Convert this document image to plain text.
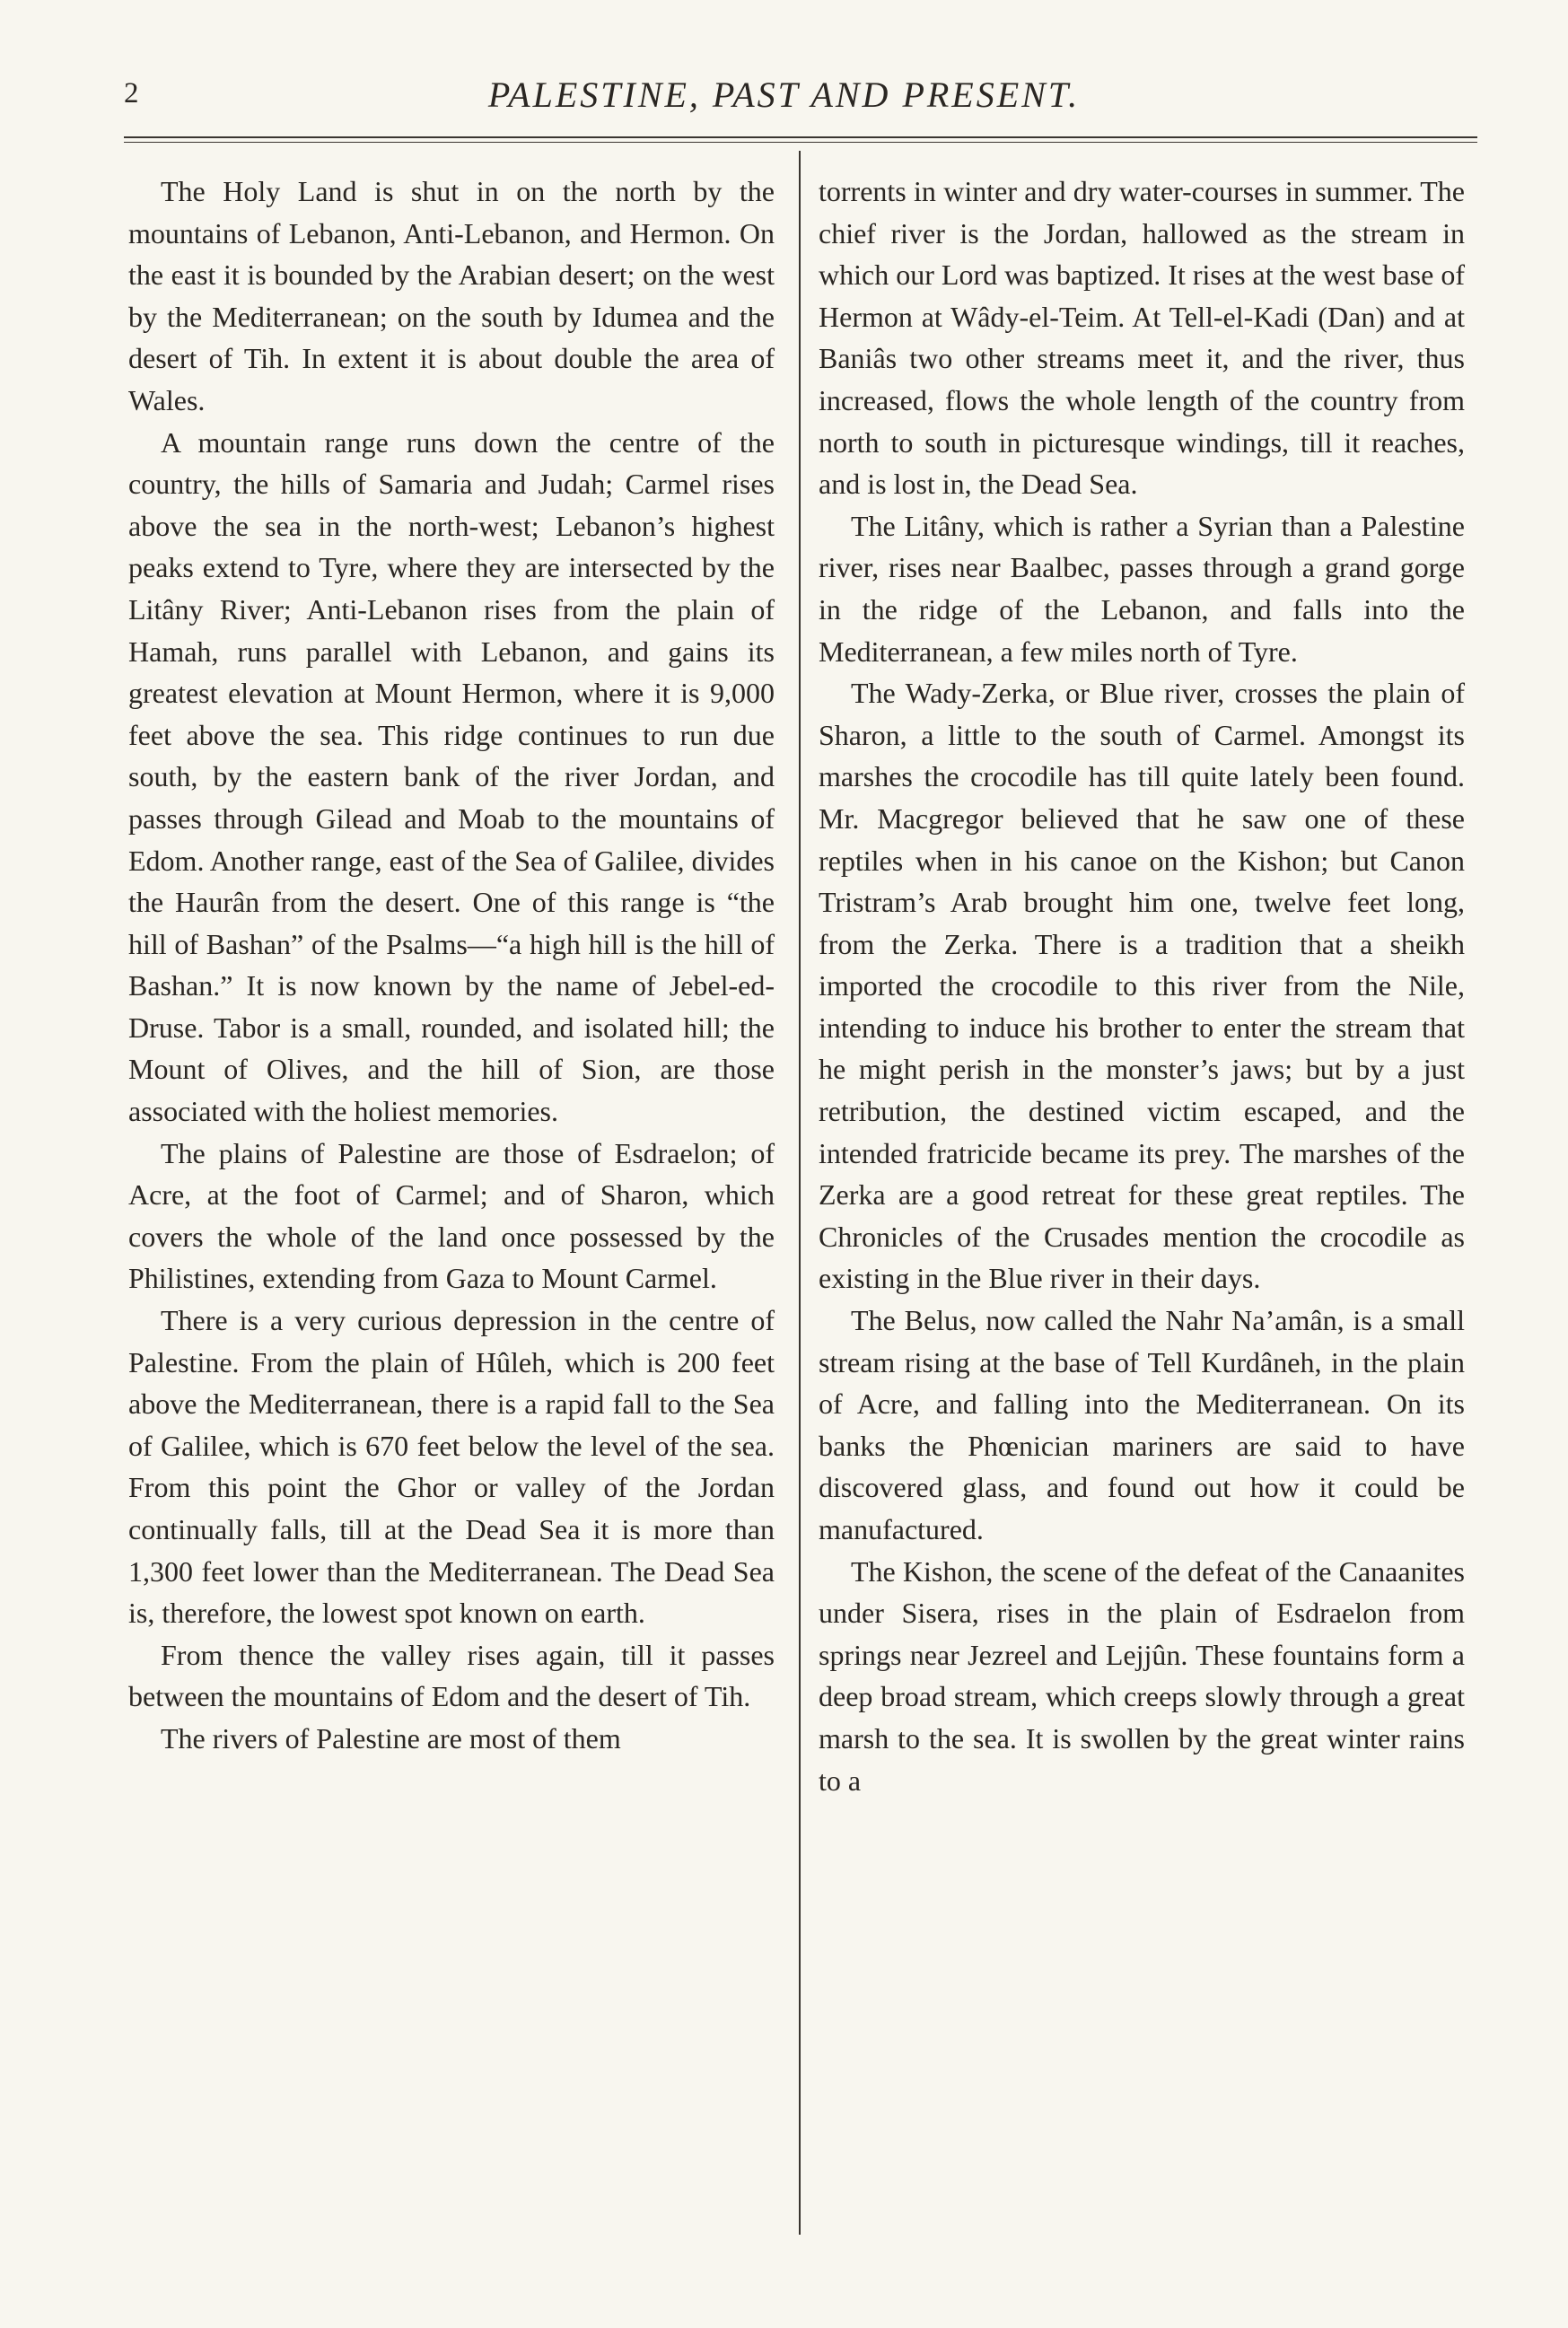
2	PALESTINE, PAST AND PRESENT.

The Holy Land is shut in on the north by the mountains of Lebanon, Anti-Lebanon, and Hermon. On the east it is bounded by the Arabian desert; on the west by the Mediterranean; on the south by Idumea and the desert of Tih. In extent it is about double the area of Wales.

A mountain range runs down the centre of the country, the hills of Samaria and Judah; Carmel rises above the sea in the north-west; Lebanon’s highest peaks extend to Tyre, where they are intersected by the Litâny River; Anti-Lebanon rises from the plain of Hamah, runs parallel with Lebanon, and gains its greatest elevation at Mount Hermon, where it is 9,000 feet above the sea. This ridge continues to run due south, by the eastern bank of the river Jordan, and passes through Gilead and Moab to the mountains of Edom. Another range, east of the Sea of Galilee, divides the Haurân from the desert. One of this range is “the hill of Bashan” of the Psalms—“a high hill is the hill of Bashan.” It is now known by the name of Jebel-ed-Druse. Tabor is a small, rounded, and isolated hill; the Mount of Olives, and the hill of Sion, are those associated with the holiest memories.

The plains of Palestine are those of Esdraelon; of Acre, at the foot of Carmel; and of Sharon, which covers the whole of the land once possessed by the Philistines, extending from Gaza to Mount Carmel.

There is a very curious depression in the centre of Palestine. From the plain of Hûleh, which is 200 feet above the Mediterranean, there is a rapid fall to the Sea of Galilee, which is 670 feet below the level of the sea. From this point the Ghor or valley of the Jordan continually falls, till at the Dead Sea it is more than 1,300 feet lower than the Mediterranean. The Dead Sea is, therefore, the lowest spot known on earth.

From thence the valley rises again, till it passes between the mountains of Edom and the desert of Tih.

The rivers of Palestine are most of them

torrents in winter and dry water-courses in summer. The chief river is the Jordan, hallowed as the stream in which our Lord was baptized. It rises at the west base of Hermon at Wâdy-el-Teim. At Tell-el-Kadi (Dan) and at Baniâs two other streams meet it, and the river, thus increased, flows the whole length of the country from north to south in picturesque windings, till it reaches, and is lost in, the Dead Sea.

The Litâny, which is rather a Syrian than a Palestine river, rises near Baalbec, passes through a grand gorge in the ridge of the Lebanon, and falls into the Mediterranean, a few miles north of Tyre.

The Wady-Zerka, or Blue river, crosses the plain of Sharon, a little to the south of Carmel. Amongst its marshes the crocodile has till quite lately been found. Mr. Macgregor believed that he saw one of these reptiles when in his canoe on the Kishon; but Canon Tristram’s Arab brought him one, twelve feet long, from the Zerka. There is a tradition that a sheikh imported the crocodile to this river from the Nile, intending to induce his brother to enter the stream that he might perish in the monster’s jaws; but by a just retribution, the destined victim escaped, and the intended fratricide became its prey. The marshes of the Zerka are a good retreat for these great reptiles. The Chronicles of the Crusades mention the crocodile as existing in the Blue river in their days.

The Belus, now called the Nahr Na’amân, is a small stream rising at the base of Tell Kurdâneh, in the plain of Acre, and falling into the Mediterranean. On its banks the Phœnician mariners are said to have discovered glass, and found out how it could be manufactured.

The Kishon, the scene of the defeat of the Canaanites under Sisera, rises in the plain of Esdraelon from springs near Jezreel and Lejjûn. These fountains form a deep broad stream, which creeps slowly through a great marsh to the sea. It is swollen by the great winter rains to a
